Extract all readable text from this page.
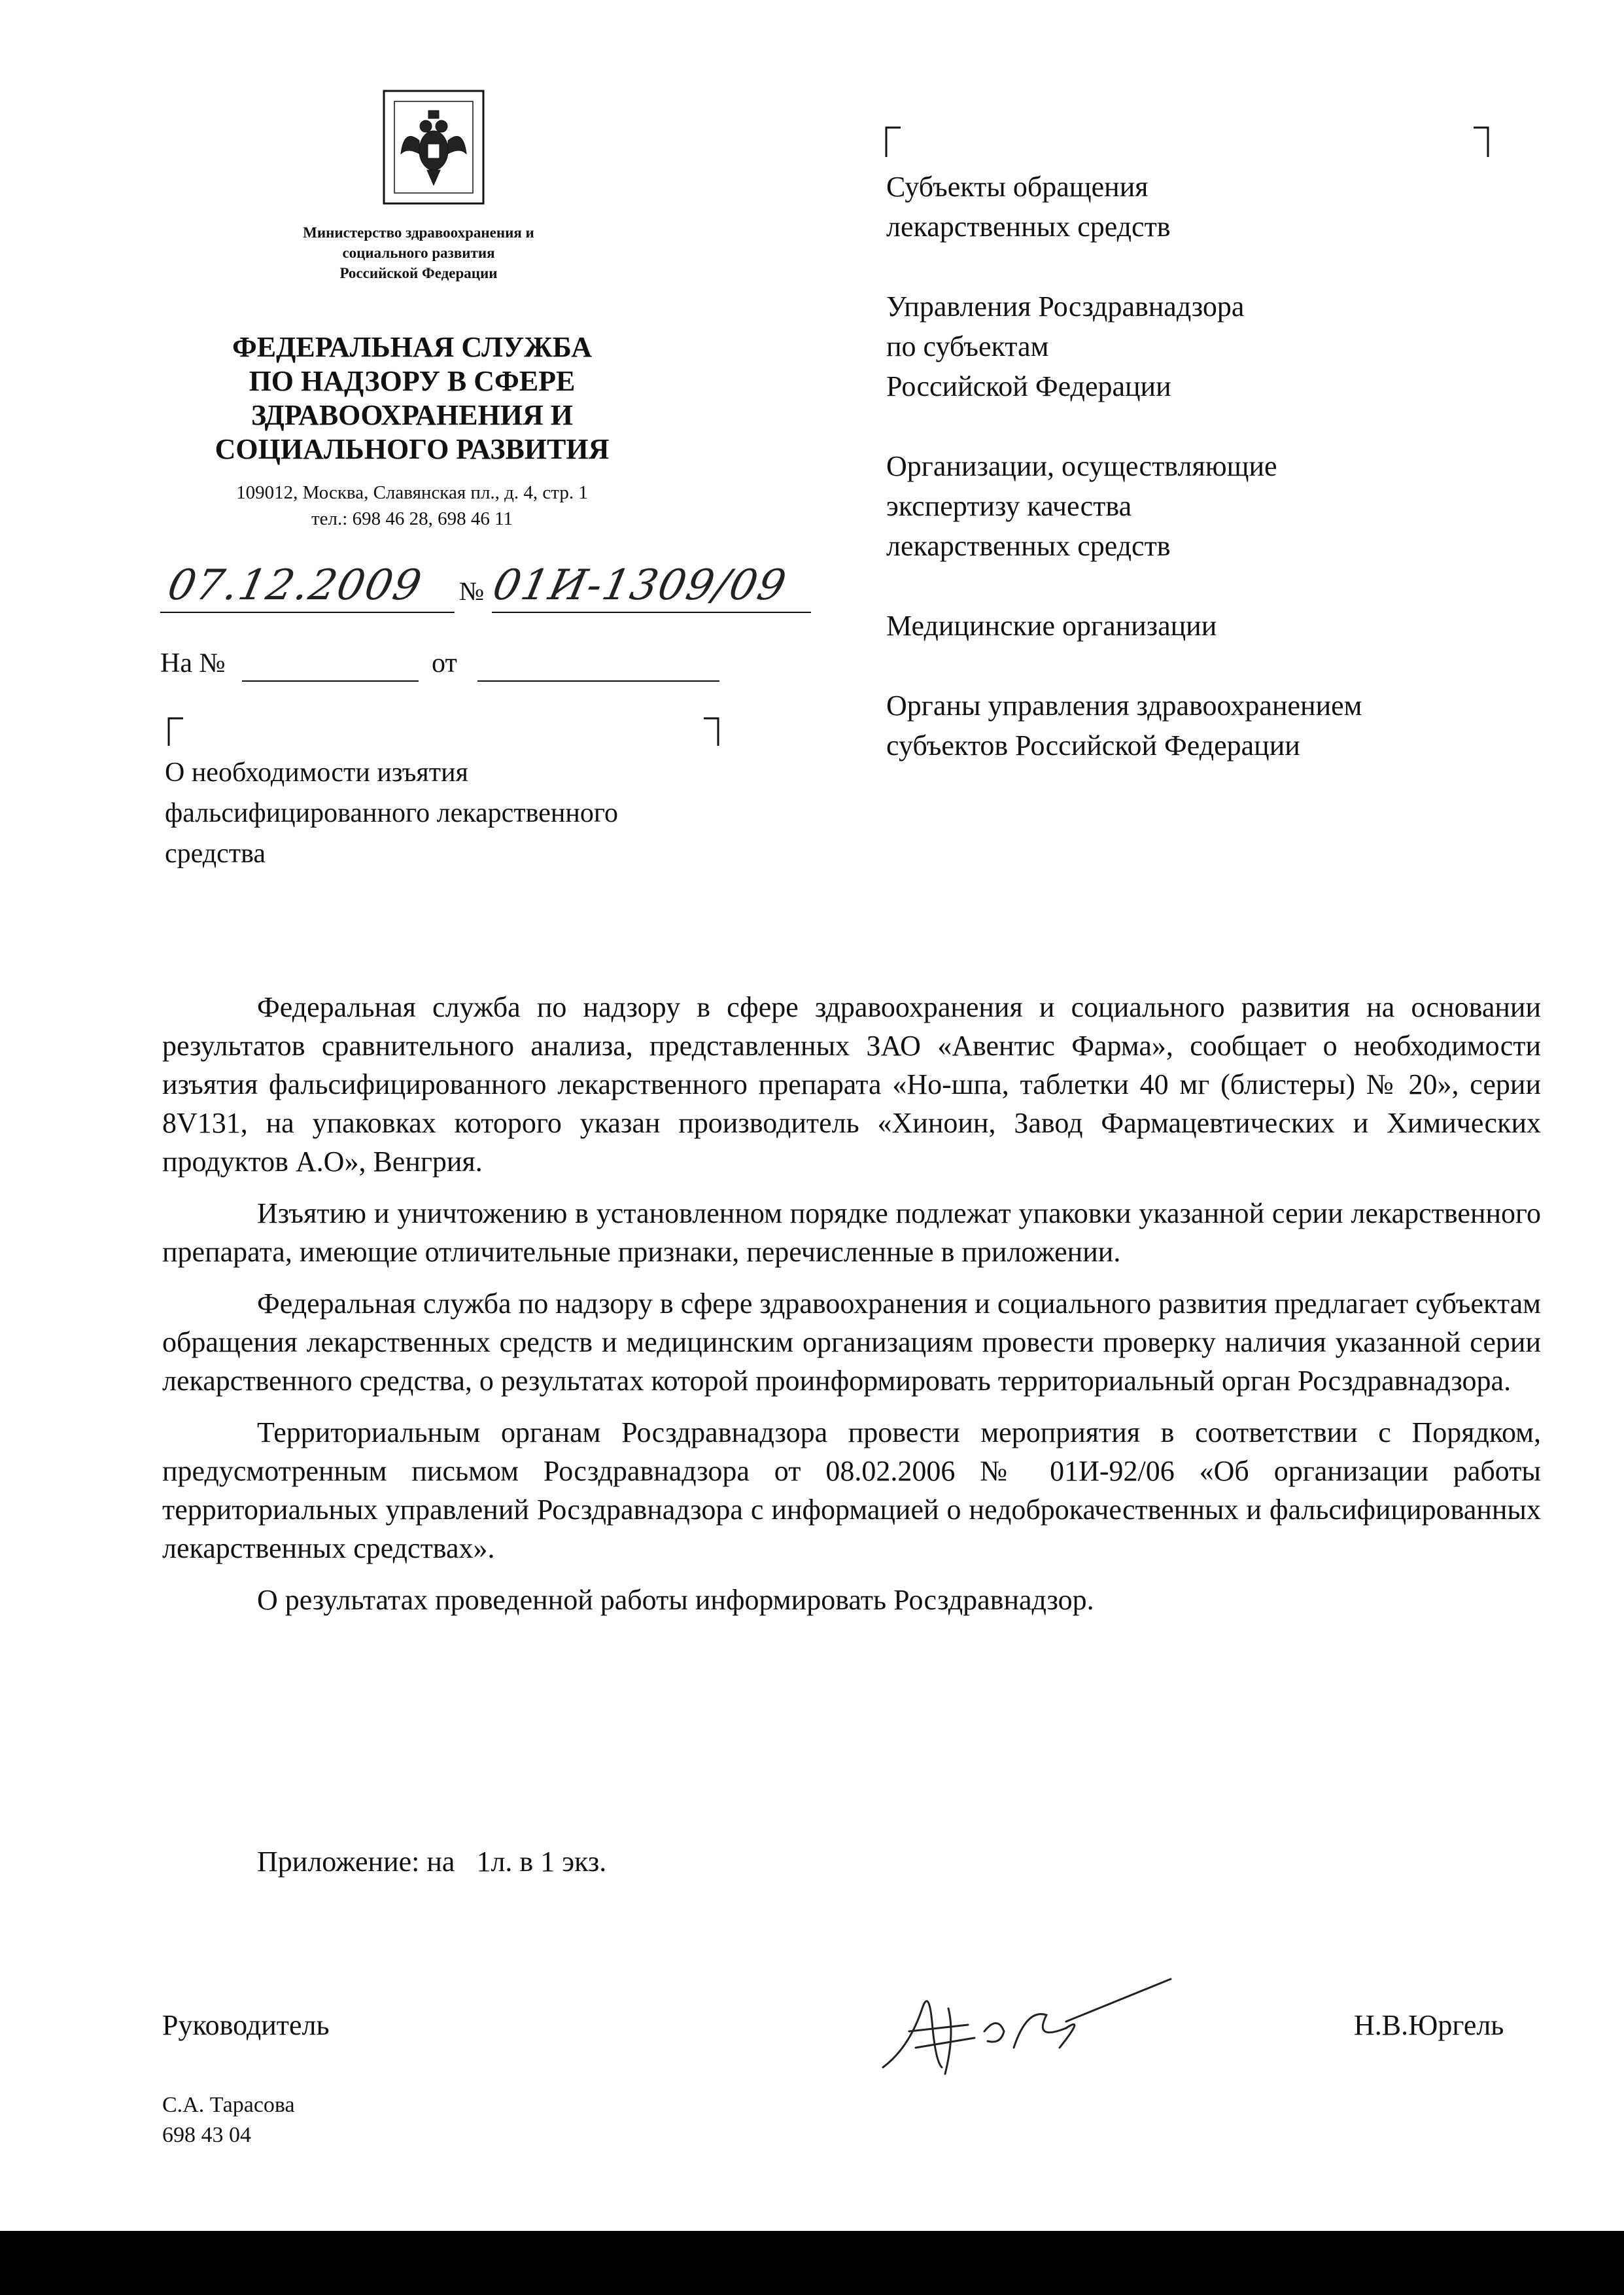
Министерство здравоохранения и
социального развития
Российской Федерации
ФЕДЕРАЛЬНАЯ СЛУЖБА
ПО НАДЗОРУ В СФЕРЕ
ЗДРАВООХРАНЕНИЯ И
СОЦИАЛЬНОГО РАЗВИТИЯ
109012, Москва, Славянская пл., д. 4, стр. 1
тел.: 698 46 28, 698 46 11
07.12.2009 № 01И-1309/09
На №	от
О необходимости изъятия
фальсифицированного лекарственного
средства

Субъекты обращения
лекарственных средств

Управления Росздравнадзора
по субъектам
Российской Федерации

Организации, осуществляющие
экспертизу качества
лекарственных средств

Медицинские организации

Органы управления здравоохранением
субъектов Российской Федерации

Федеральная служба по надзору в сфере здравоохранения и социального развития на основании результатов сравнительного анализа, представленных ЗАО «Авентис Фарма», сообщает о необходимости изъятия фальсифицированного лекарственного препарата «Но-шпа, таблетки 40 мг (блистеры) № 20», серии 8V131, на упаковках которого указан производитель «Хиноин, Завод Фармацевтических и Химических продуктов А.О», Венгрия.

Изъятию и уничтожению в установленном порядке подлежат упаковки указанной серии лекарственного препарата, имеющие отличительные признаки, перечисленные в приложении.

Федеральная служба по надзору в сфере здравоохранения и социального развития предлагает субъектам обращения лекарственных средств и медицинским организациям провести проверку наличия указанной серии лекарственного средства, о результатах которой проинформировать территориальный орган Росздравнадзора.

Территориальным органам Росздравнадзора провести мероприятия в соответствии с Порядком, предусмотренным письмом Росздравнадзора от 08.02.2006 № 01И-92/06 «Об организации работы территориальных управлений Росздравнадзора с информацией о недоброкачественных и фальсифицированных лекарственных средствах».

О результатах проведенной работы информировать Росздравнадзор.

Приложение: на   1л. в 1 экз.
Руководитель	Н.В.Юргель
С.А. Тарасова
698 43 04
